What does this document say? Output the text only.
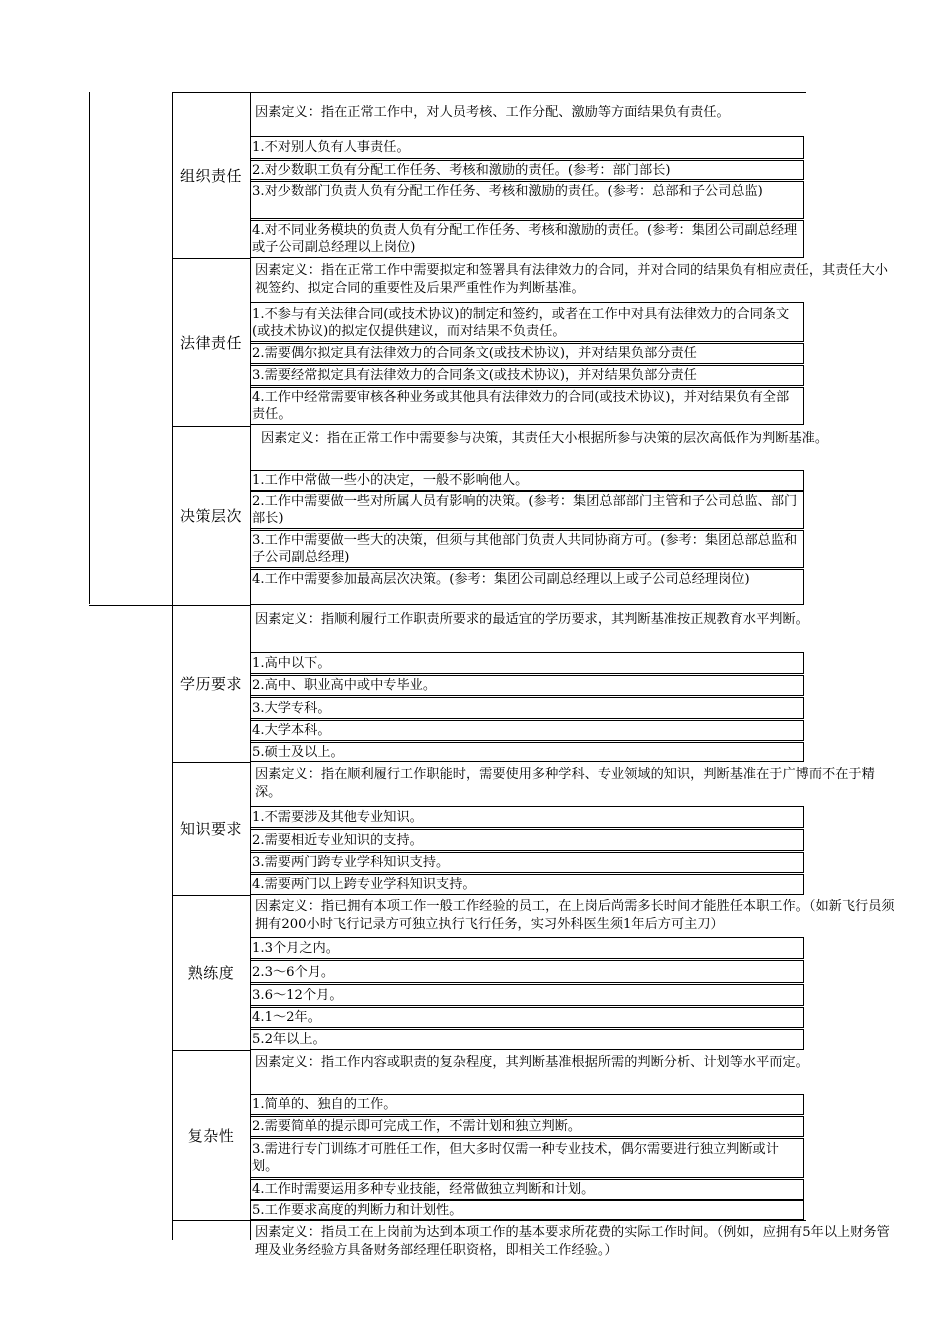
组织责任
因素定义：指在正常工作中，对人员考核、工作分配、激励等方面结果负有责任。
1.不对别人负有人事责任。
2.对少数职工负有分配工作任务、考核和激励的责任。(参考：部门部长)
3.对少数部门负责人负有分配工作任务、考核和激励的责任。(参考：总部和子公司总监)
4.对不同业务模块的负责人负有分配工作任务、考核和激励的责任。(参考：集团公司副总经理或子公司副总经理以上岗位)
法律责任
因素定义：指在正常工作中需要拟定和签署具有法律效力的合同，并对合同的结果负有相应责任，其责任大小视签约、拟定合同的重要性及后果严重性作为判断基准。
1.不参与有关法律合同(或技术协议)的制定和签约，或者在工作中对具有法律效力的合同条文(或技术协议)的拟定仅提供建议，而对结果不负责任。
2.需要偶尔拟定具有法律效力的合同条文(或技术协议)，并对结果负部分责任
3.需要经常拟定具有法律效力的合同条文(或技术协议)，并对结果负部分责任
4.工作中经常需要审核各种业务或其他具有法律效力的合同(或技术协议)，并对结果负有全部责任。
决策层次
因素定义：指在正常工作中需要参与决策，其责任大小根据所参与决策的层次高低作为判断基准。
1.工作中常做一些小的决定，一般不影响他人。
2.工作中需要做一些对所属人员有影响的决策。(参考：集团总部部门主管和子公司总监、部门部长)
3.工作中需要做一些大的决策，但须与其他部门负责人共同协商方可。(参考：集团总部总监和子公司副总经理)
4.工作中需要参加最高层次决策。(参考：集团公司副总经理以上或子公司总经理岗位)
学历要求
因素定义：指顺利履行工作职责所要求的最适宜的学历要求，其判断基准按正规教育水平判断。
1.高中以下。
2.高中、职业高中或中专毕业。
3.大学专科。
4.大学本科。
5.硕士及以上。
知识要求
因素定义：指在顺利履行工作职能时，需要使用多种学科、专业领域的知识，判断基准在于广博而不在于精深。
1.不需要涉及其他专业知识。
2.需要相近专业知识的支持。
3.需要两门跨专业学科知识支持。
4.需要两门以上跨专业学科知识支持。
熟练度
因素定义：指已拥有本项工作一般工作经验的员工，在上岗后尚需多长时间才能胜任本职工作。（如新飞行员须拥有200小时飞行记录方可独立执行飞行任务，实习外科医生须1年后方可主刀）
1.3个月之内。
2.3～6个月。
3.6～12个月。
4.1～2年。
5.2年以上。
复杂性
因素定义：指工作内容或职责的复杂程度，其判断基准根据所需的判断分析、计划等水平而定。
1.简单的、独自的工作。
2.需要简单的提示即可完成工作，不需计划和独立判断。
3.需进行专门训练才可胜任工作，但大多时仅需一种专业技术，偶尔需要进行独立判断或计划。
4.工作时需要运用多种专业技能，经常做独立判断和计划。
5.工作要求高度的判断力和计划性。
因素定义：指员工在上岗前为达到本项工作的基本要求所花费的实际工作时间。（例如，应拥有5年以上财务管理及业务经验方具备财务部经理任职资格，即相关工作经验。）
